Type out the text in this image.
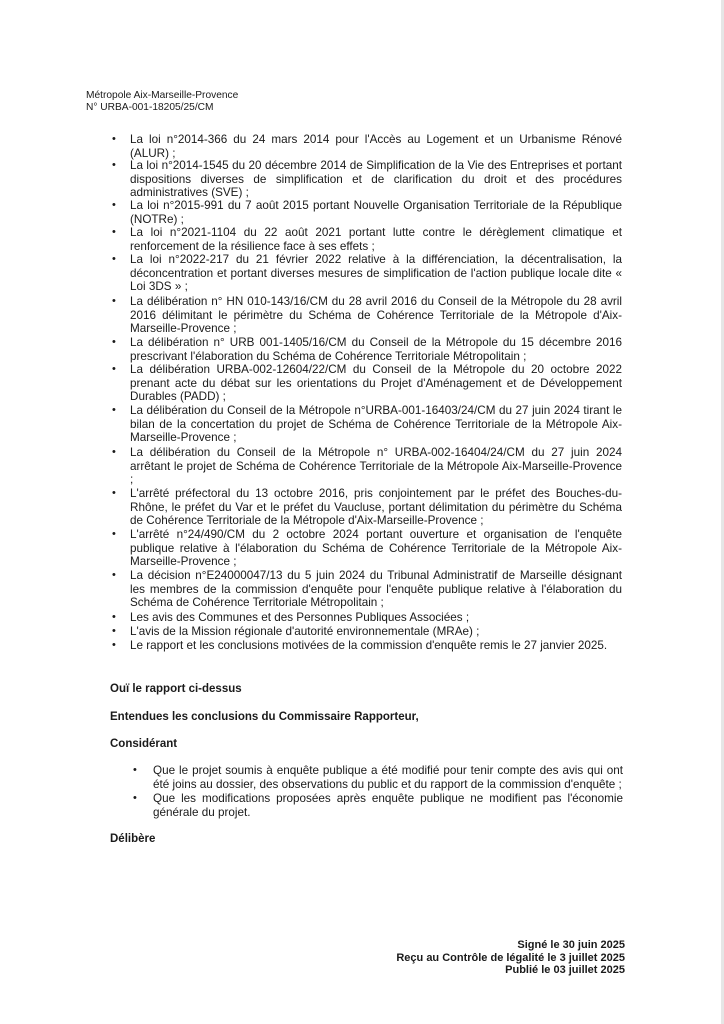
Métropole Aix-Marseille-Provence
N° URBA-001-18205/25/CM
• La loi n°2014-366 du 24 mars 2014 pour l'Accès au Logement et un Urbanisme Rénové (ALUR) ;
• La loi n°2014-1545 du 20 décembre 2014 de Simplification de la Vie des Entreprises et portant dispositions diverses de simplification et de clarification du droit et des procédures administratives (SVE) ;
• La loi n°2015-991 du 7 août 2015 portant Nouvelle Organisation Territoriale de la République (NOTRe) ;
• La loi n°2021-1104 du 22 août 2021 portant lutte contre le dérèglement climatique et renforcement de la résilience face à ses effets ;
• La loi n°2022-217 du 21 février 2022 relative à la différenciation, la décentralisation, la déconcentration et portant diverses mesures de simplification de l'action publique locale dite « Loi 3DS » ;
• La délibération n° HN 010-143/16/CM du 28 avril 2016 du Conseil de la Métropole du 28 avril 2016 délimitant le périmètre du Schéma de Cohérence Territoriale de la Métropole d'Aix-Marseille-Provence ;
• La délibération n° URB 001-1405/16/CM du Conseil de la Métropole du 15 décembre 2016 prescrivant l'élaboration du Schéma de Cohérence Territoriale Métropolitain ;
• La délibération URBA-002-12604/22/CM du Conseil de la Métropole du 20 octobre 2022 prenant acte du débat sur les orientations du Projet d'Aménagement et de Développement Durables (PADD) ;
• La délibération du Conseil de la Métropole n°URBA-001-16403/24/CM du 27 juin 2024 tirant le bilan de la concertation du projet de Schéma de Cohérence Territoriale de la Métropole Aix-Marseille-Provence ;
• La délibération du Conseil de la Métropole n° URBA-002-16404/24/CM du 27 juin 2024 arrêtant le projet de Schéma de Cohérence Territoriale de la Métropole Aix-Marseille-Provence ;
• L'arrêté préfectoral du 13 octobre 2016, pris conjointement par le préfet des Bouches-du-Rhône, le préfet du Var et le préfet du Vaucluse, portant délimitation du périmètre du Schéma de Cohérence Territoriale de la Métropole d'Aix-Marseille-Provence ;
• L'arrêté n°24/490/CM du 2 octobre 2024 portant ouverture et organisation de l'enquête publique relative à l'élaboration du Schéma de Cohérence Territoriale de la Métropole Aix-Marseille-Provence ;
• La décision n°E24000047/13 du 5 juin 2024 du Tribunal Administratif de Marseille désignant les membres de la commission d'enquête pour l'enquête publique relative à l'élaboration du Schéma de Cohérence Territoriale Métropolitain ;
• Les avis des Communes et des Personnes Publiques Associées ;
• L'avis de la Mission régionale d'autorité environnementale (MRAe) ;
• Le rapport et les conclusions motivées de la commission d'enquête remis le 27 janvier 2025.
Ouï le rapport ci-dessus
Entendues les conclusions du Commissaire Rapporteur,
Considérant
• Que le projet soumis à enquête publique a été modifié pour tenir compte des avis qui ont été joins au dossier, des observations du public et du rapport de la commission d'enquête ;
• Que les modifications proposées après enquête publique ne modifient pas l'économie générale du projet.
Délibère
Signé le 30 juin 2025
Reçu au Contrôle de légalité le 3 juillet 2025
Publié le 03 juillet 2025
